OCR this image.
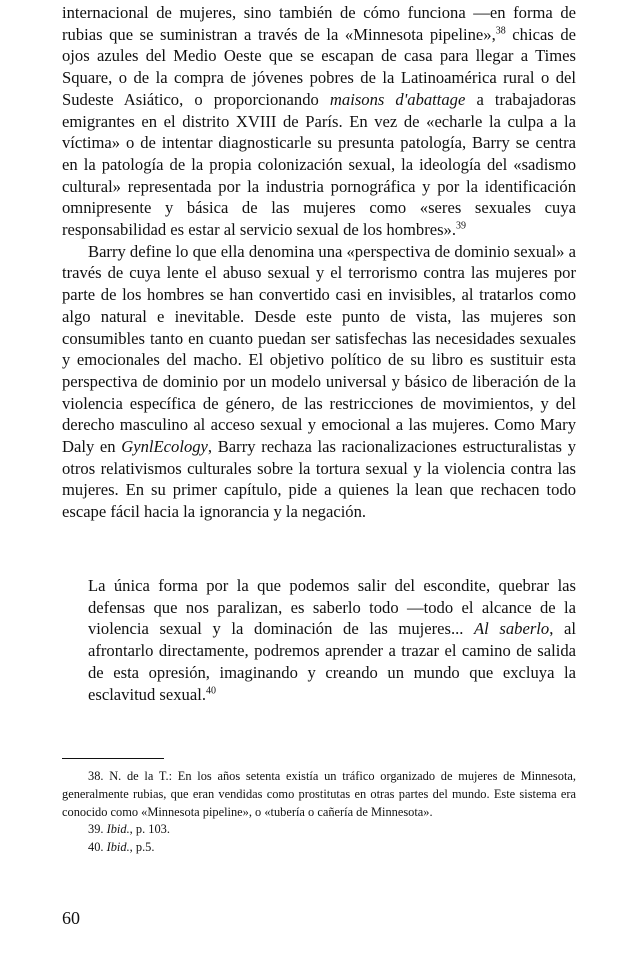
internacional de mujeres, sino también de cómo funciona —en forma de rubias que se suministran a través de la «Minnesota pipeline»,$^{38}$ chicas de ojos azules del Medio Oeste que se escapan de casa para llegar a Times Square, o de la compra de jóvenes pobres de la Latinoamérica rural o del Sudeste Asiático, o proporcionando maisons d'abattage a trabajadoras emigrantes en el distrito XVIII de París. En vez de «echarle la culpa a la víctima» o de intentar diagnosticarle su presunta patología, Barry se centra en la patología de la propia colonización sexual, la ideología del «sadismo cultural» representada por la industria pornográfica y por la identificación omnipresente y básica de las mujeres como «seres sexuales cuya responsabilidad es estar al servicio sexual de los hombres».$^{39}$

Barry define lo que ella denomina una «perspectiva de dominio sexual» a través de cuya lente el abuso sexual y el terrorismo contra las mujeres por parte de los hombres se han convertido casi en invisibles, al tratarlos como algo natural e inevitable. Desde este punto de vista, las mujeres son consumibles tanto en cuanto puedan ser satisfechas las necesidades sexuales y emocionales del macho. El objetivo político de su libro es sustituir esta perspectiva de dominio por un modelo universal y básico de liberación de la violencia específica de género, de las restricciones de movimientos, y del derecho masculino al acceso sexual y emocional a las mujeres. Como Mary Daly en GynlEcology, Barry rechaza las racionalizaciones estructuralistas y otros relativismos culturales sobre la tortura sexual y la violencia contra las mujeres. En su primer capítulo, pide a quienes la lean que rechacen todo escape fácil hacia la ignorancia y la negación.

La única forma por la que podemos salir del escondite, quebrar las defensas que nos paralizan, es saberlo todo —todo el alcance de la violencia sexual y la dominación de las mujeres... Al saberlo, al afrontarlo directamente, podremos aprender a trazar el camino de salida de esta opresión, imaginando y creando un mundo que excluya la esclavitud sexual.$^{40}$

38. N. de la T.: En los años setenta existía un tráfico organizado de mujeres de Minnesota, generalmente rubias, que eran vendidas como prostitutas en otras partes del mundo. Este sistema era conocido como «Minnesota pipeline», o «tubería o cañería de Minnesota».

39. Ibid., p. 103.

40. Ibid., p.5.

60
